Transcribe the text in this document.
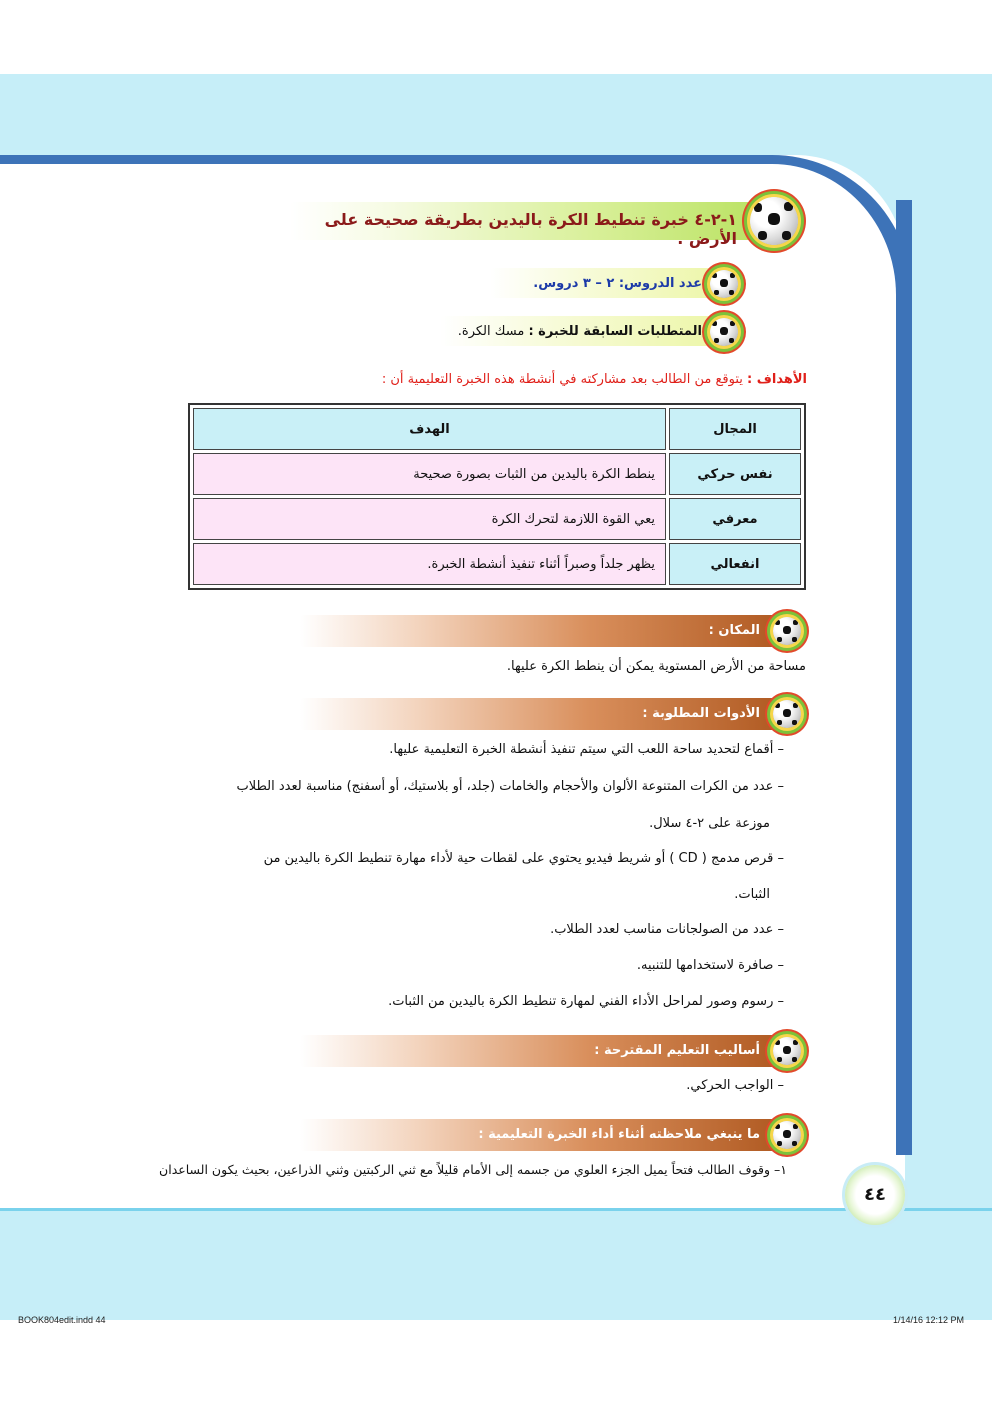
١-٢-٤ خبرة تنطيط الكرة باليدين بطريقة صحيحة على الأرض .
عدد الدروس: ٢ – ٣ دروس.
المتطلبات السابقة للخبرة : مسك الكرة.
الأهداف : يتوقع من الطالب بعد مشاركته في أنشطة هذه الخبرة التعليمية أن :
الهدف	المجال
ينطط الكرة باليدين من الثبات بصورة صحيحة	نفس حركي
يعي القوة اللازمة لتحرك الكرة	معرفي
يظهر جلداً وصبراً أثناء تنفيذ أنشطة الخبرة.	انفعالي
المكان :
مساحة من الأرض المستوية يمكن أن ينطط الكرة عليها.
الأدوات المطلوبة :
– أقماع لتحديد ساحة اللعب التي سيتم تنفيذ أنشطة الخبرة التعليمية عليها.
– عدد من الكرات المتنوعة الألوان والأحجام والخامات (جلد، أو بلاستيك، أو أسفنج) مناسبة لعدد الطلاب
موزعة على ٢-٤ سلال.
– قرص مدمج ( CD ) أو شريط فيديو يحتوي على لقطات حية لأداء مهارة تنطيط الكرة باليدين من
الثبات.
– عدد من الصولجانات مناسب لعدد الطلاب.
– صافرة لاستخدامها للتنبيه.
– رسوم وصور لمراحل الأداء الفني لمهارة تنطيط الكرة باليدين من الثبات.
أساليب التعليم المقترحة :
– الواجب الحركي.
ما ينبغي ملاحظته أثناء أداء الخبرة التعليمية :
١– وقوف الطالب فتحاً يميل الجزء العلوي من جسمه إلى الأمام قليلاً مع ثني الركبتين وثني الذراعين، بحيث يكون الساعدان
٤٤
BOOK804edit.indd 44	1/14/16 12:12 PM
